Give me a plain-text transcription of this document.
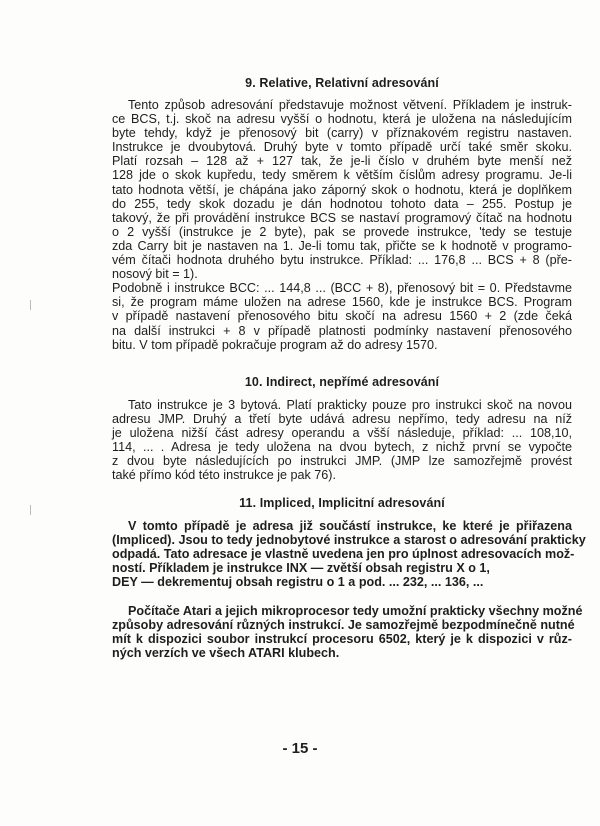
9. Relative, Relativní adresování
Tento způsob adresování představuje možnost větvení. Příkladem je instruk-
ce BCS, t.j. skoč na adresu vyšší o hodnotu, která je uložena na následujícím
byte tehdy, když je přenosový bit (carry) v příznakovém registru nastaven.
Instrukce je dvoubytová. Druhý byte v tomto případě určí také směr skoku.
Platí rozsah – 128 až + 127 tak, že je-li číslo v druhém byte menší než
128 jde o skok kupředu, tedy směrem k větším číslům adresy programu. Je-li
tato hodnota větší, je chápána jako záporný skok o hodnotu, která je doplňkem
do 255, tedy skok dozadu je dán hodnotou tohoto data – 255. Postup je
takový, že při provádění instrukce BCS se nastaví programový čítač na hodnotu
o 2 vyšší (instrukce je 2 byte), pak se provede instrukce, 'tedy se testuje
zda Carry bit je nastaven na 1. Je-li tomu tak, přičte se k hodnotě v programo-
vém čítači hodnota druhého bytu instrukce. Příklad: ... 176,8 ... BCS + 8 (pře-
nosový bit = 1).
Podobně i instrukce BCC: ... 144,8 ... (BCC + 8), přenosový bit = 0. Představme
si, že program máme uložen na adrese 1560, kde je instrukce BCS. Program
v případě nastavení přenosového bitu skočí na adresu 1560 + 2 (zde čeká
na další instrukci + 8 v případě platnosti podmínky nastavení přenosového
bitu. V tom případě pokračuje program až do adresy 1570.
10. Indirect, nepřímé adresování
Tato instrukce je 3 bytová. Platí prakticky pouze pro instrukci skoč na novou
adresu JMP. Druhý a třetí byte udává adresu nepřímo, tedy adresu na níž
je uložena nižší část adresy operandu a všší následuje, příklad: ... 108,10,
114, ... . Adresa je tedy uložena na dvou bytech, z nichž první se vypočte
z dvou byte následujících po instrukci JMP. (JMP lze samozřejmě provést
také přímo kód této instrukce je pak 76).
11. Impliced, Implicitní adresování
V tomto případě je adresa již součástí instrukce, ke které je přiřazena
(Impliced). Jsou to tedy jednobytové instrukce a starost o adresování prakticky
odpadá. Tato adresace je vlastně uvedena jen pro úplnost adresovacích mož-
ností. Příkladem je instrukce INX — zvětší obsah registru X o 1,
DEY — dekrementuj obsah registru o 1 a pod. ... 232, ... 136, ...
Počítače Atari a jejich mikroprocesor tedy umožní prakticky všechny možné
způsoby adresování různých instrukcí. Je samozřejmě bezpodmínečně nutné
mít k dispozici soubor instrukcí procesoru 6502, který je k dispozici v růz-
ných verzích ve všech ATARI klubech.
- 15 -
